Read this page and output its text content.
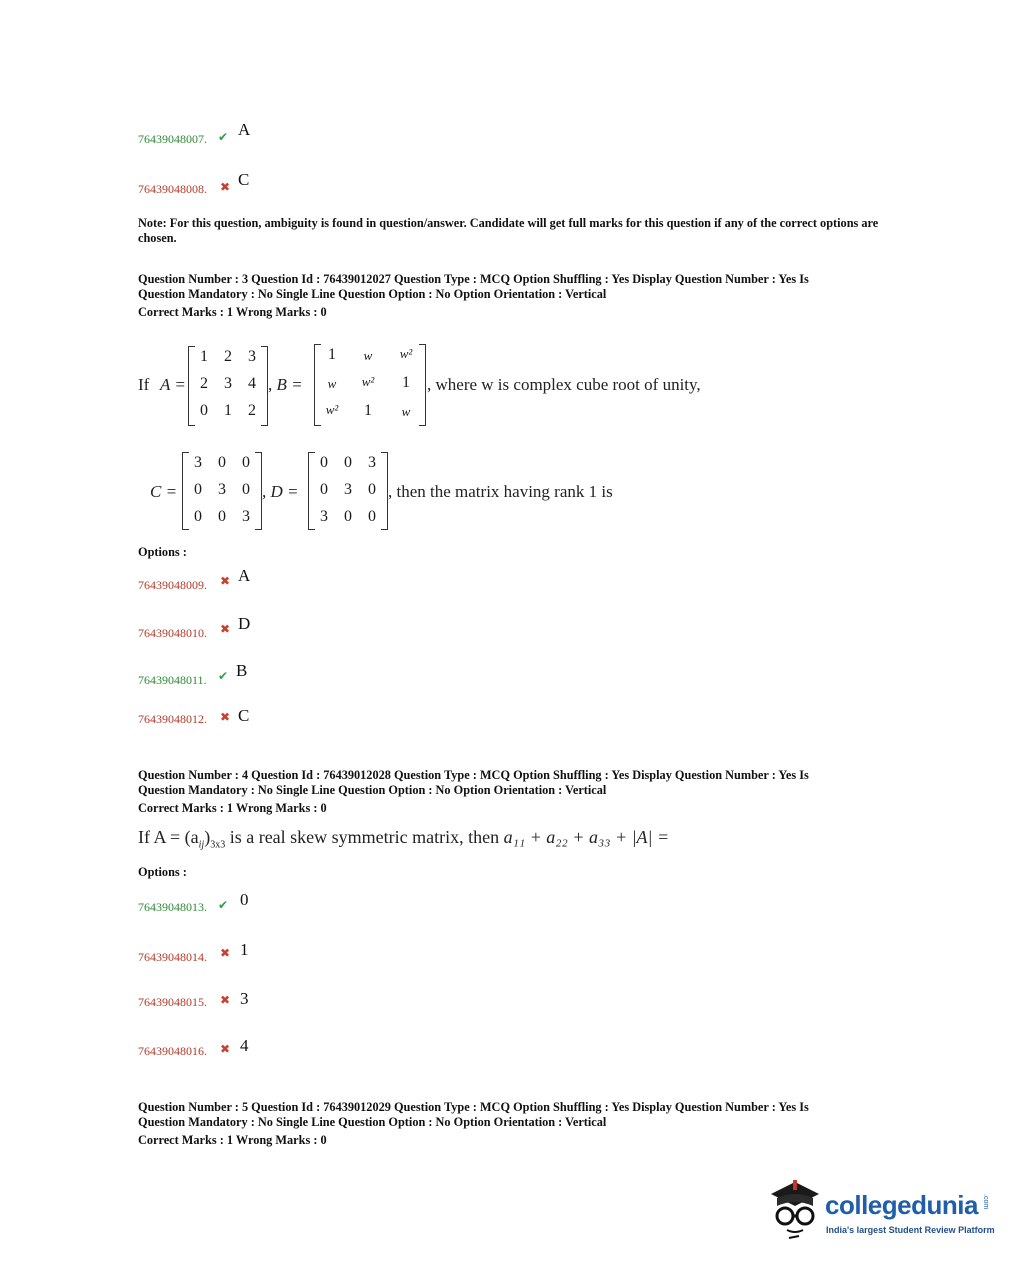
76439048007. ✔ A
76439048008. ✖ C
Note: For this question, ambiguity is found in question/answer. Candidate will get full marks for this question if any of the correct options are chosen.
Question Number : 3 Question Id : 76439012027 Question Type : MCQ Option Shuffling : Yes Display Question Number : Yes Is
Question Mandatory : No Single Line Question Option : No Option Orientation : Vertical
Correct Marks : 1 Wrong Marks : 0
If A =
1	2	3
2	3	4
0	1	2
, B =
1	w	w²
w	w²	1
w²	1	w
, where w is complex cube root of unity,
C =
3	0	0
0	3	0
0	0	3
, D =
0	0	3
0	3	0
3	0	0
, then the matrix having rank 1 is
Options :
76439048009. ✖ A
76439048010. ✖ D
76439048011. ✔ B
76439048012. ✖ C
Question Number : 4 Question Id : 76439012028 Question Type : MCQ Option Shuffling : Yes Display Question Number : Yes Is
Question Mandatory : No Single Line Question Option : No Option Orientation : Vertical
Correct Marks : 1 Wrong Marks : 0
If $A = (a_{ij})_{3x3}$ is a real skew symmetric matrix, then a₁₁ + a₂₂ + a₃₃ + |A| =
Options :
76439048013. ✔ 0
76439048014. ✖ 1
76439048015. ✖ 3
76439048016. ✖ 4
Question Number : 5 Question Id : 76439012029 Question Type : MCQ Option Shuffling : Yes Display Question Number : Yes Is
Question Mandatory : No Single Line Question Option : No Option Orientation : Vertical
Correct Marks : 1 Wrong Marks : 0
collegedunia .com
India's largest Student Review Platform
